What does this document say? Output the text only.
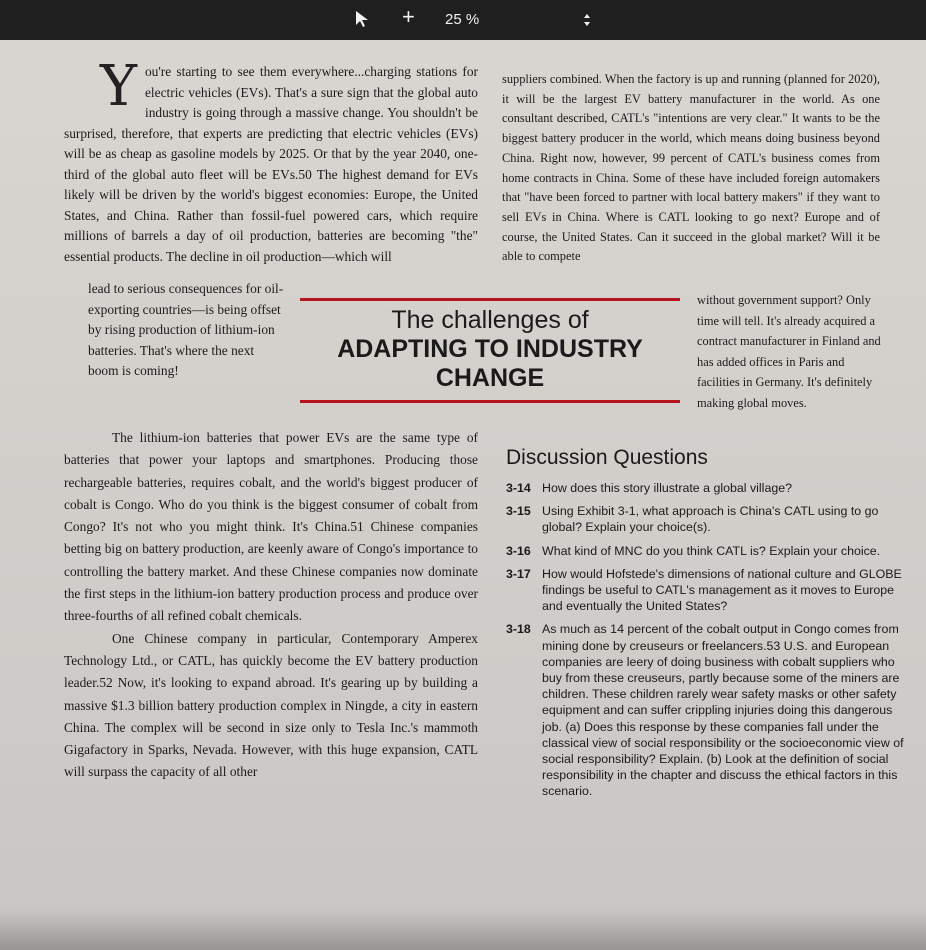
+ 25 %
Y ou're starting to see them everywhere...charging stations for electric vehicles (EVs). That's a sure sign that the global auto industry is going through a massive change. You shouldn't be surprised, therefore, that experts are predicting that electric vehicles (EVs) will be as cheap as gasoline models by 2025. Or that by the year 2040, one-third of the global auto fleet will be EVs.50 The highest demand for EVs likely will be driven by the world's biggest economies: Europe, the United States, and China. Rather than fossil-fuel powered cars, which require millions of barrels a day of oil production, batteries are becoming "the" essential products. The decline in oil production—which will
lead to serious consequences for oil-exporting countries—is being offset by rising production of lithium-ion batteries. That's where the next boom is coming!

The lithium-ion batteries that power EVs are the same type of batteries that power your laptops and smartphones. Producing those rechargeable batteries, requires cobalt, and the world's biggest producer of cobalt is Congo. Who do you think is the biggest consumer of cobalt from Congo? It's not who you might think. It's China.51 Chinese companies betting big on battery production, are keenly aware of Congo's importance to controlling the battery market. And these Chinese companies now dominate the first steps in the lithium-ion battery production process and produce over three-fourths of all refined cobalt chemicals.

One Chinese company in particular, Contemporary Amperex Technology Ltd., or CATL, has quickly become the EV battery production leader.52 Now, it's looking to expand abroad. It's gearing up by building a massive $1.3 billion battery production complex in Ningde, a city in eastern China. The complex will be second in size only to Tesla Inc.'s mammoth Gigafactory in Sparks, Nevada. However, with this huge expansion, CATL will surpass the capacity of all other

suppliers combined. When the factory is up and running (planned for 2020), it will be the largest EV battery manufacturer in the world. As one consultant described, CATL's "intentions are very clear." It wants to be the biggest battery producer in the world, which means doing business beyond China. Right now, however, 99 percent of CATL's business comes from home contracts in China. Some of these have included foreign automakers that "have been forced to partner with local battery makers" if they want to sell EVs in China. Where is CATL looking to go next? Europe and of course, the United States. Can it succeed in the global market? Will it be able to compete
without government support? Only time will tell. It's already acquired a contract manufacturer in Finland and has added offices in Paris and facilities in Germany. It's definitely making global moves.
The challenges of
ADAPTING TO INDUSTRY
CHANGE
Discussion Questions
3-14 How does this story illustrate a global village?
3-15 Using Exhibit 3-1, what approach is China's CATL using to go global? Explain your choice(s).
3-16 What kind of MNC do you think CATL is? Explain your choice.
3-17 How would Hofstede's dimensions of national culture and GLOBE findings be useful to CATL's management as it moves to Europe and eventually the United States?
3-18 As much as 14 percent of the cobalt output in Congo comes from mining done by creuseurs or freelancers.53 U.S. and European companies are leery of doing business with cobalt suppliers who buy from these creuseurs, partly because some of the miners are children. These children rarely wear safety masks or other safety equipment and can suffer crippling injuries doing this dangerous job. (a) Does this response by these companies fall under the classical view of social responsibility or the socioeconomic view of social responsibility? Explain. (b) Look at the definition of social responsibility in the chapter and discuss the ethical factors in this scenario.
